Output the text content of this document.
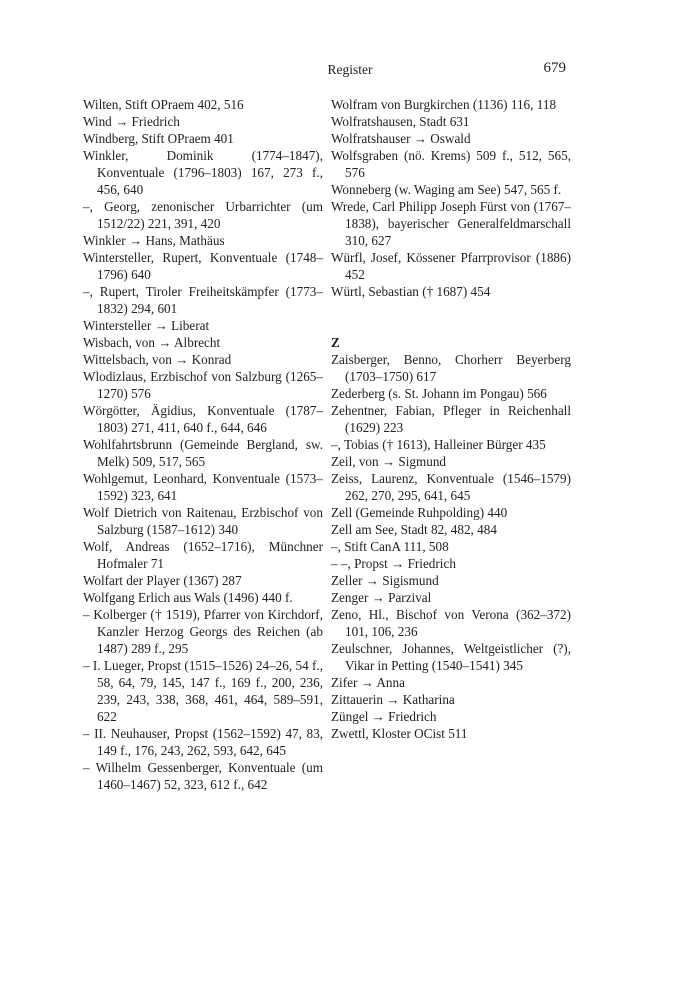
Register	679
Wilten, Stift OPraem 402, 516
Wind → Friedrich
Windberg, Stift OPraem 401
Winkler, Dominik (1774–1847), Konventuale (1796–1803) 167, 273 f., 456, 640
–, Georg, zenonischer Urbarrichter (um 1512/22) 221, 391, 420
Winkler → Hans, Mathäus
Wintersteller, Rupert, Konventuale (1748–1796) 640
–, Rupert, Tiroler Freiheitskämpfer (1773–1832) 294, 601
Wintersteller → Liberat
Wisbach, von → Albrecht
Wittelsbach, von → Konrad
Wlodizlaus, Erzbischof von Salzburg (1265–1270) 576
Wörgötter, Ägidius, Konventuale (1787–1803) 271, 411, 640 f., 644, 646
Wohlfahrtsbrunn (Gemeinde Bergland, sw. Melk) 509, 517, 565
Wohlgemut, Leonhard, Konventuale (1573–1592) 323, 641
Wolf Dietrich von Raitenau, Erzbischof von Salzburg (1587–1612) 340
Wolf, Andreas (1652–1716), Münchner Hofmaler 71
Wolfart der Player (1367) 287
Wolfgang Erlich aus Wals (1496) 440 f.
– Kolberger († 1519), Pfarrer von Kirchdorf, Kanzler Herzog Georgs des Reichen (ab 1487) 289 f., 295
– I. Lueger, Propst (1515–1526) 24–26, 54 f., 58, 64, 79, 145, 147 f., 169 f., 200, 236, 239, 243, 338, 368, 461, 464, 589–591, 622
– II. Neuhauser, Propst (1562–1592) 47, 83, 149 f., 176, 243, 262, 593, 642, 645
– Wilhelm Gessenberger, Konventuale (um 1460–1467) 52, 323, 612 f., 642
Wolfram von Burgkirchen (1136) 116, 118
Wolfratshausen, Stadt 631
Wolfratshauser → Oswald
Wolfsgraben (nö. Krems) 509 f., 512, 565, 576
Wonneberg (w. Waging am See) 547, 565 f.
Wrede, Carl Philipp Joseph Fürst von (1767–1838), bayerischer Generalfeldmarschall 310, 627
Würfl, Josef, Kössener Pfarrprovisor (1886) 452
Würtl, Sebastian († 1687) 454
Z
Zaisberger, Benno, Chorherr Beyerberg (1703–1750) 617
Zederberg (s. St. Johann im Pongau) 566
Zehentner, Fabian, Pfleger in Reichenhall (1629) 223
–, Tobias († 1613), Halleiner Bürger 435
Zeil, von → Sigmund
Zeiss, Laurenz, Konventuale (1546–1579) 262, 270, 295, 641, 645
Zell (Gemeinde Ruhpolding) 440
Zell am See, Stadt 82, 482, 484
–, Stift CanA 111, 508
– –, Propst → Friedrich
Zeller → Sigismund
Zenger → Parzival
Zeno, Hl., Bischof von Verona (362–372) 101, 106, 236
Zeulschner, Johannes, Weltgeistlicher (?), Vikar in Petting (1540–1541) 345
Zifer → Anna
Zittauerin → Katharina
Züngel → Friedrich
Zwettl, Kloster OCist 511
